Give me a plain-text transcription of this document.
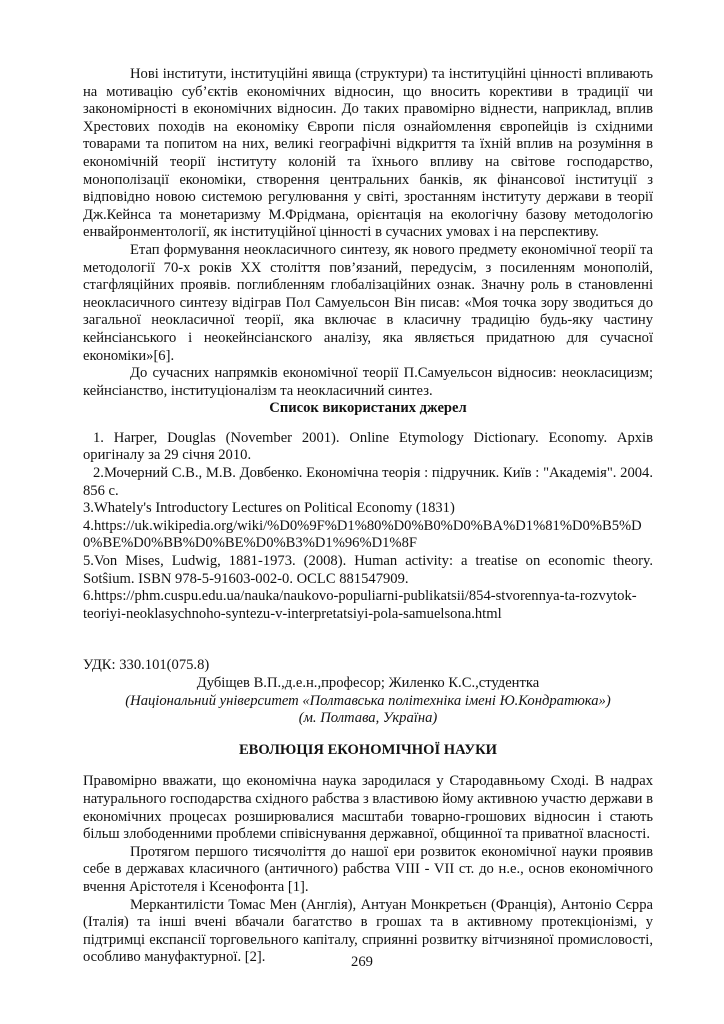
Нові інститути, інституційні явища (структури) та інституційні цінності впливають на мотивацію суб’єктів економічних відносин, що вносить корективи в традиції чи закономірності в економічних відносин. До таких правомірно віднести, наприклад, вплив Хрестових походів на економіку Європи після ознайомлення європейців із східними товарами та попитом на них, великі географічні відкриття та їхній вплив на розуміння в економічній теорії інституту колоній та їхнього впливу на світове господарство, монополізації економіки, створення центральних банків, як фінансової інституції з відповідно новою системою регулювання у світі, зростанням інституту держави в теорії Дж.Кейнса та монетаризму М.Фрідмана, орієнтація на екологічну базову методологію енвайронментології, як інституційної цінності в сучасних умовах і на перспективу.

Етап формування неокласичного синтезу, як нового предмету економічної теорії та методології 70-х років XX століття пов’язаний, передусім, з посиленням монополій, стагфляційних проявів. поглибленням глобалізаційних ознак. Значну роль в становленні неокласичного синтезу відіграв Пол Самуельсон Він писав: «Моя точка зору зводиться до загальної неокласичної теорії, яка включає в класичну традицію будь-яку частину кейнсіанського і неокейнсіанского аналізу, яка являється придатною для сучасної економіки»[6].

До сучасних напрямків економічної теорії П.Самуельсон відносив: неокласицизм; кейнсіанство, інституціоналізм та неокласичний синтез.

Список використаних джерел

1. Harper, Douglas (November 2001). Online Etymology Dictionary. Economy. Архів оригіналу за 29 січня 2010.

2.Мочерний С.В., М.В. Довбенко. Економічна теорія : підручник. Київ : "Академія". 2004. 856 с.

3.Whately's Introductory Lectures on Political Economy (1831)

4.https://uk.wikipedia.org/wiki/%D0%9F%D1%80%D0%B0%D0%BA%D1%81%D0%B5%D0%BE%D0%BB%D0%BE%D0%B3%D1%96%D1%8F

5.Von Mises, Ludwig, 1881-1973. (2008). Human activity: a treatise on economic theory. Sotŝium. ISBN 978-5-91603-002-0. OCLC 881547909.

6.https://phm.cuspu.edu.ua/nauka/naukovo-populiarni-publikatsii/854-stvorennya-ta-rozvytok-teoriyi-neoklasychnoho-syntezu-v-interpretatsiyi-pola-samuelsona.html

УДК: 330.101(075.8)

Дубіщев В.П.,д.е.н.,професор; Жиленко К.С.,студентка

(Національний університет «Полтавська політехніка імені Ю.Кондратюка»)

(м. Полтава, Україна)

ЕВОЛЮЦІЯ ЕКОНОМІЧНОЇ НАУКИ

Правомірно вважати, що економічна наука зародилася у Стародавньому Сході. В надрах натурального господарства східного рабства з властивою йому активною участю держави в економічних процесах розширювалися масштаби товарно-грошових відносин і стають більш злободенними проблеми співіснування державної, общинної та приватної власності.

Протягом першого тисячоліття до нашої ери розвиток економічної науки проявив себе в державах класичного (античного) рабства VIII - VII ст. до н.е., основ економічного вчення Арістотеля і Ксенофонта [1].

Меркантилісти Томас Мен (Англія), Антуан Монкретьєн (Франція), Антоніо Сєрра (Італія) та інші вчені вбачали багатство в грошах та в активному протекціонізмі, у підтримці експансії торговельного капіталу, сприянні розвитку вітчизняної промисловості, особливо мануфактурної. [2].	269
